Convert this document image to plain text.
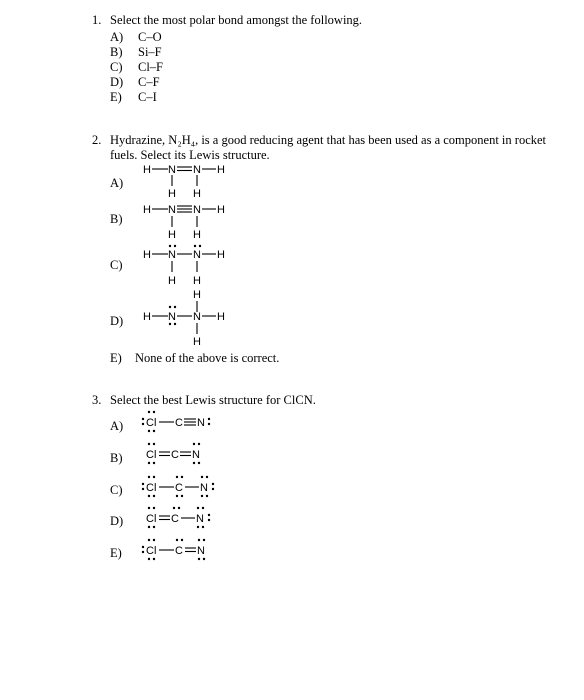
1. Select the most polar bond amongst the following.
A) C–O
B) Si–F
C) Cl–F
D) C–F
E) C–I
2. Hydrazine, N₂H₄, is a good reducing agent that has been used as a component in rocket
fuels. Select its Lewis structure.
A)
B)
C)
D)
E) None of the above is correct.
H N N H
H H
H N N H
H H
H N N H
H H
H
H N N H
H
3. Select the best Lewis structure for ClCN.
A)
B)
C)
D)
E)
Cl C N
Cl C N
Cl C N
Cl C N
Cl C N
